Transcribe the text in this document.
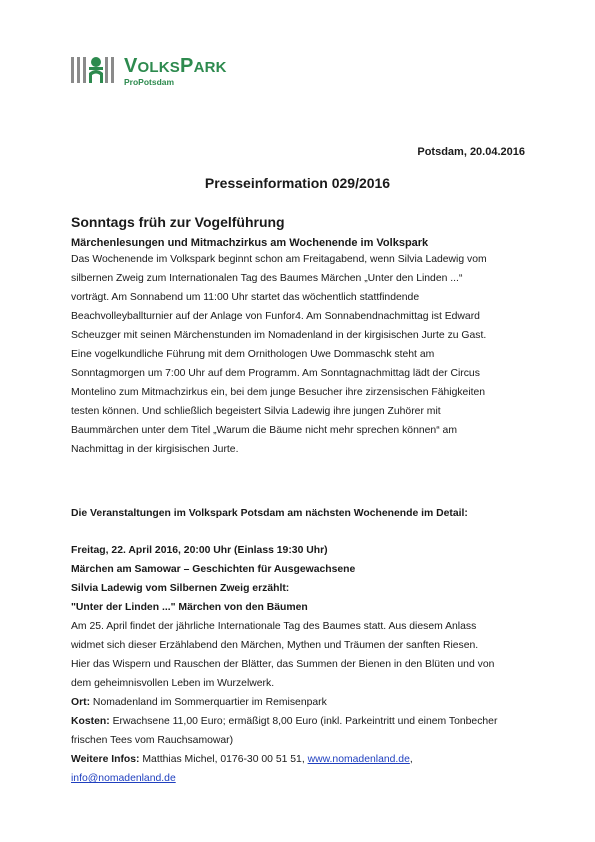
VOLKSPARK
ProPotsdam
Potsdam, 20.04.2016
Presseinformation 029/2016
Sonntags früh zur Vogelführung
Märchenlesungen und Mitmachzirkus am Wochenende im Volkspark
Das Wochenende im Volkspark beginnt schon am Freitagabend, wenn Silvia Ladewig vom
silbernen Zweig zum Internationalen Tag des Baumes Märchen „Unter den Linden ...“
vorträgt. Am Sonnabend um 11:00 Uhr startet das wöchentlich stattfindende
Beachvolleyballturnier auf der Anlage von Funfor4. Am Sonnabendnachmittag ist Edward
Scheuzger mit seinen Märchenstunden im Nomadenland in der kirgisischen Jurte zu Gast.
Eine vogelkundliche Führung mit dem Ornithologen Uwe Dommaschk steht am
Sonntagmorgen um 7:00 Uhr auf dem Programm. Am Sonntagnachmittag lädt der Circus
Montelino zum Mitmachzirkus ein, bei dem junge Besucher ihre zirzensischen Fähigkeiten
testen können. Und schließlich begeistert Silvia Ladewig ihre jungen Zuhörer mit
Baummärchen unter dem Titel „Warum die Bäume nicht mehr sprechen können“ am
Nachmittag in der kirgisischen Jurte.
Die Veranstaltungen im Volkspark Potsdam am nächsten Wochenende im Detail:
Freitag, 22. April 2016, 20:00 Uhr (Einlass 19:30 Uhr)
Märchen am Samowar – Geschichten für Ausgewachsene
Silvia Ladewig vom Silbernen Zweig erzählt:
"Unter der Linden ..." Märchen von den Bäumen
Am 25. April findet der jährliche Internationale Tag des Baumes statt. Aus diesem Anlass
widmet sich dieser Erzählabend den Märchen, Mythen und Träumen der sanften Riesen.
Hier das Wispern und Rauschen der Blätter, das Summen der Bienen in den Blüten und von
dem geheimnisvollen Leben im Wurzelwerk.
Ort: Nomadenland im Sommerquartier im Remisenpark
Kosten: Erwachsene 11,00 Euro; ermäßigt 8,00 Euro (inkl. Parkeintritt und einem Tonbecher
frischen Tees vom Rauchsamowar)
Weitere Infos: Matthias Michel, 0176-30 00 51 51, www.nomadenland.de,
info@nomadenland.de
